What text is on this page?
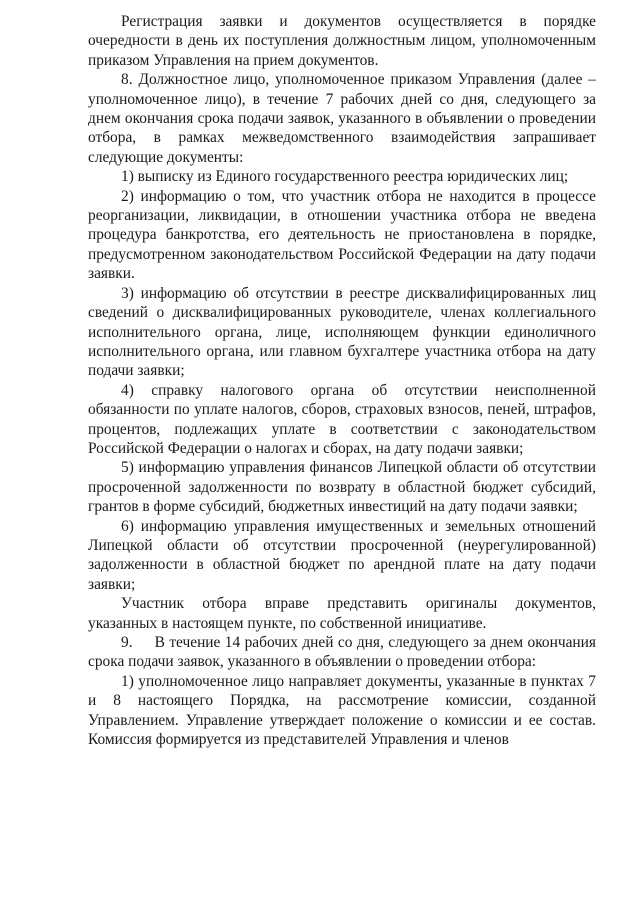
Регистрация заявки и документов осуществляется в порядке очередности в день их поступления должностным лицом, уполномоченным приказом Управления на прием документов.

8. Должностное лицо, уполномоченное приказом Управления (далее – уполномоченное лицо), в течение 7 рабочих дней со дня, следующего за днем окончания срока подачи заявок, указанного в объявлении о проведении отбора, в рамках межведомственного взаимодействия запрашивает следующие документы:

1) выписку из Единого государственного реестра юридических лиц;

2) информацию о том, что участник отбора не находится в процессе реорганизации, ликвидации, в отношении участника отбора не введена процедура банкротства, его деятельность не приостановлена в порядке, предусмотренном законодательством Российской Федерации на дату подачи заявки.

3) информацию об отсутствии в реестре дисквалифицированных лиц сведений о дисквалифицированных руководителе, членах коллегиального исполнительного органа, лице, исполняющем функции единоличного исполнительного органа, или главном бухгалтере участника отбора на дату подачи заявки;

4) справку налогового органа об отсутствии неисполненной обязанности по уплате налогов, сборов, страховых взносов, пеней, штрафов, процентов, подлежащих уплате в соответствии с законодательством Российской Федерации о налогах и сборах, на дату подачи заявки;

5) информацию управления финансов Липецкой области об отсутствии просроченной задолженности по возврату в областной бюджет субсидий, грантов в форме субсидий, бюджетных инвестиций на дату подачи заявки;

6) информацию управления имущественных и земельных отношений Липецкой области об отсутствии просроченной (неурегулированной) задолженности в областной бюджет по арендной плате на дату подачи заявки;

Участник отбора вправе представить оригиналы документов, указанных в настоящем пункте, по собственной инициативе.

9.     В течение 14 рабочих дней со дня, следующего за днем окончания срока подачи заявок, указанного в объявлении о проведении отбора:

1) уполномоченное лицо направляет документы, указанные в пунктах 7 и 8 настоящего Порядка, на рассмотрение комиссии, созданной Управлением. Управление утверждает положение о комиссии и ее состав. Комиссия формируется из представителей Управления и членов
